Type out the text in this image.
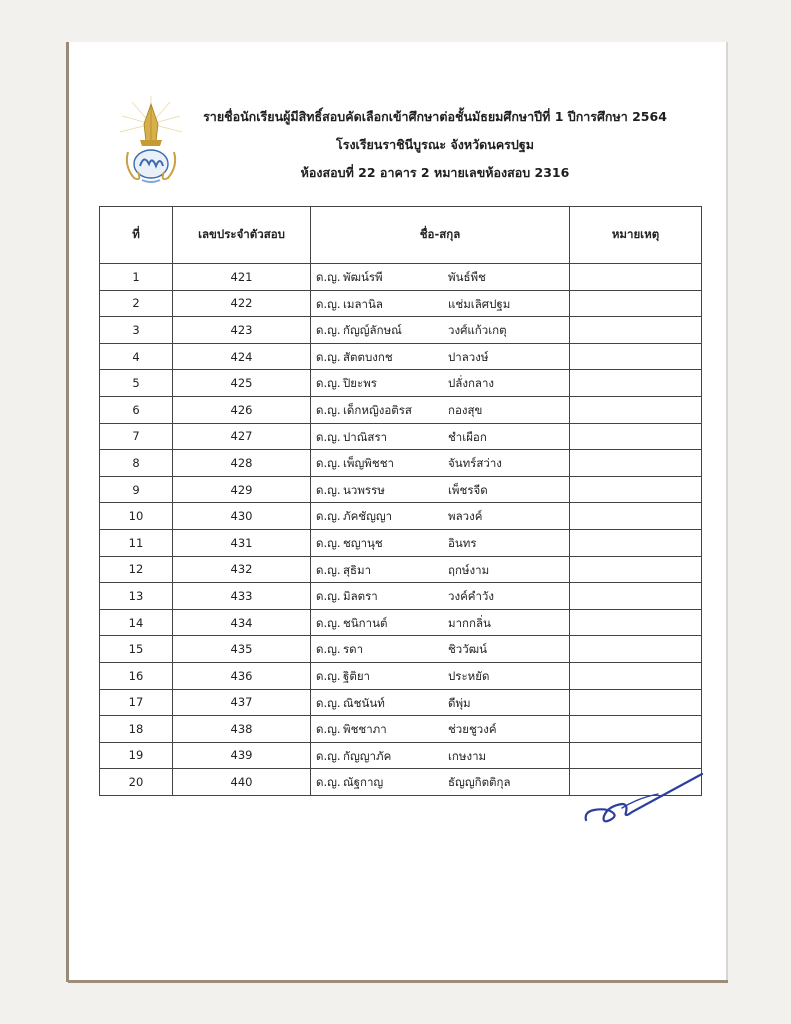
รายชื่อนักเรียนผู้มีสิทธิ์สอบคัดเลือกเข้าศึกษาต่อชั้นมัธยมศึกษาปีที่ 1 ปีการศึกษา 2564
โรงเรียนราชินีบูรณะ จังหวัดนครปฐม
ห้องสอบที่ 22 อาคาร 2 หมายเลขห้องสอบ 2316
ที่	เลขประจำตัวสอบ	ชื่อ-สกุล	หมายเหตุ
1	421	ด.ญ. พัฒน์รพี พันธ์พืช	

2	422	ด.ญ. เมลานิล แช่มเลิศปฐม	

3	423	ด.ญ. กัญญ์ลักษณ์ วงศ์แก้วเกตุ	

4	424	ด.ญ. สัตตบงกช ปาลวงษ์	

5	425	ด.ญ. ปิยะพร ปลั่งกลาง	

6	426	ด.ญ. เด็กหญิงอติรส กองสุข	

7	427	ด.ญ. ปาณิสรา ชำเผือก	

8	428	ด.ญ. เพ็ญพิชชา จันทร์สว่าง	

9	429	ด.ญ. นวพรรษ เพ็ชรจีด	

10	430	ด.ญ. ภัคชัญญา พลวงค์	

11	431	ด.ญ. ชญานุช อินทร	

12	432	ด.ญ. สุธิมา ฤกษ์งาม	

13	433	ด.ญ. มิลตรา วงค์คำวัง	

14	434	ด.ญ. ชนิกานต์ มากกลิ่น	

15	435	ด.ญ. รดา ชิววัฒน์	

16	436	ด.ญ. ฐิติยา ประหยัด	

17	437	ด.ญ. ณิชนันท์ ดีพุ่ม	

18	438	ด.ญ. พิชชาภา ช่วยชูวงค์	

19	439	ด.ญ. กัญญาภัค เกษงาม	

20	440	ด.ญ. ณัฐกาญ ธัญญกิตติกุล	
